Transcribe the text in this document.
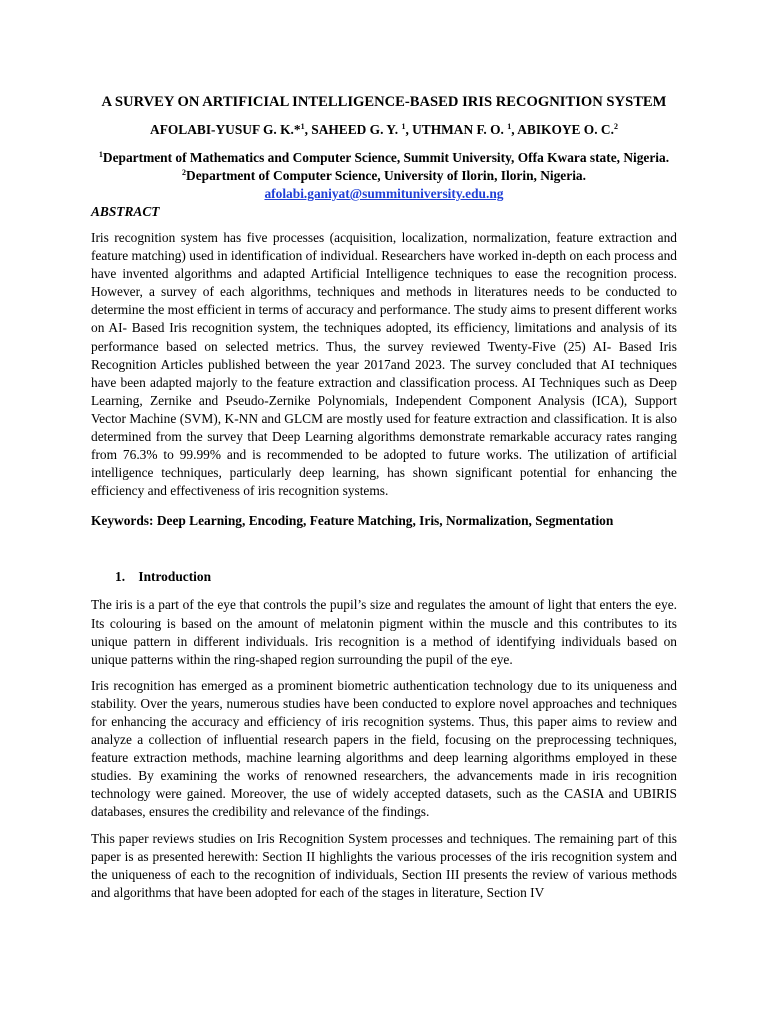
A SURVEY ON ARTIFICIAL INTELLIGENCE-BASED IRIS RECOGNITION SYSTEM
AFOLABI-YUSUF G. K.*$^1$, SAHEED G. Y. $^1$, UTHMAN F. O. $^1$, ABIKOYE O. C.$^2$
$^1$Department of Mathematics and Computer Science, Summit University, Offa Kwara state, Nigeria.
$^2$Department of Computer Science, University of Ilorin, Ilorin, Nigeria.
afolabi.ganiyat@summituniversity.edu.ng
ABSTRACT

Iris recognition system has five processes (acquisition, localization, normalization, feature extraction and feature matching) used in identification of individual. Researchers have worked in-depth on each process and have invented algorithms and adapted Artificial Intelligence techniques to ease the recognition process. However, a survey of each algorithms, techniques and methods in literatures needs to be conducted to determine the most efficient in terms of accuracy and performance. The study aims to present different works on AI- Based Iris recognition system, the techniques adopted, its efficiency, limitations and analysis of its performance based on selected metrics. Thus, the survey reviewed Twenty-Five (25) AI- Based Iris Recognition Articles published between the year 2017and 2023. The survey concluded that AI techniques have been adapted majorly to the feature extraction and classification process. AI Techniques such as Deep Learning, Zernike and Pseudo-Zernike Polynomials, Independent Component Analysis (ICA), Support Vector Machine (SVM), K-NN and GLCM are mostly used for feature extraction and classification. It is also determined from the survey that Deep Learning algorithms demonstrate remarkable accuracy rates ranging from 76.3% to 99.99% and is recommended to be adopted to future works. The utilization of artificial intelligence techniques, particularly deep learning, has shown significant potential for enhancing the efficiency and effectiveness of iris recognition systems.

Keywords: Deep Learning, Encoding, Feature Matching, Iris, Normalization, Segmentation
1. Introduction

The iris is a part of the eye that controls the pupil’s size and regulates the amount of light that enters the eye. Its colouring is based on the amount of melatonin pigment within the muscle and this contributes to its unique pattern in different individuals. Iris recognition is a method of identifying individuals based on unique patterns within the ring-shaped region surrounding the pupil of the eye.

Iris recognition has emerged as a prominent biometric authentication technology due to its uniqueness and stability. Over the years, numerous studies have been conducted to explore novel approaches and techniques for enhancing the accuracy and efficiency of iris recognition systems. Thus, this paper aims to review and analyze a collection of influential research papers in the field, focusing on the preprocessing techniques, feature extraction methods, machine learning algorithms and deep learning algorithms employed in these studies. By examining the works of renowned researchers, the advancements made in iris recognition technology were gained. Moreover, the use of widely accepted datasets, such as the CASIA and UBIRIS databases, ensures the credibility and relevance of the findings.

This paper reviews studies on Iris Recognition System processes and techniques. The remaining part of this paper is as presented herewith: Section II highlights the various processes of the iris recognition system and the uniqueness of each to the recognition of individuals, Section III presents the review of various methods and algorithms that have been adopted for each of the stages in literature, Section IV
